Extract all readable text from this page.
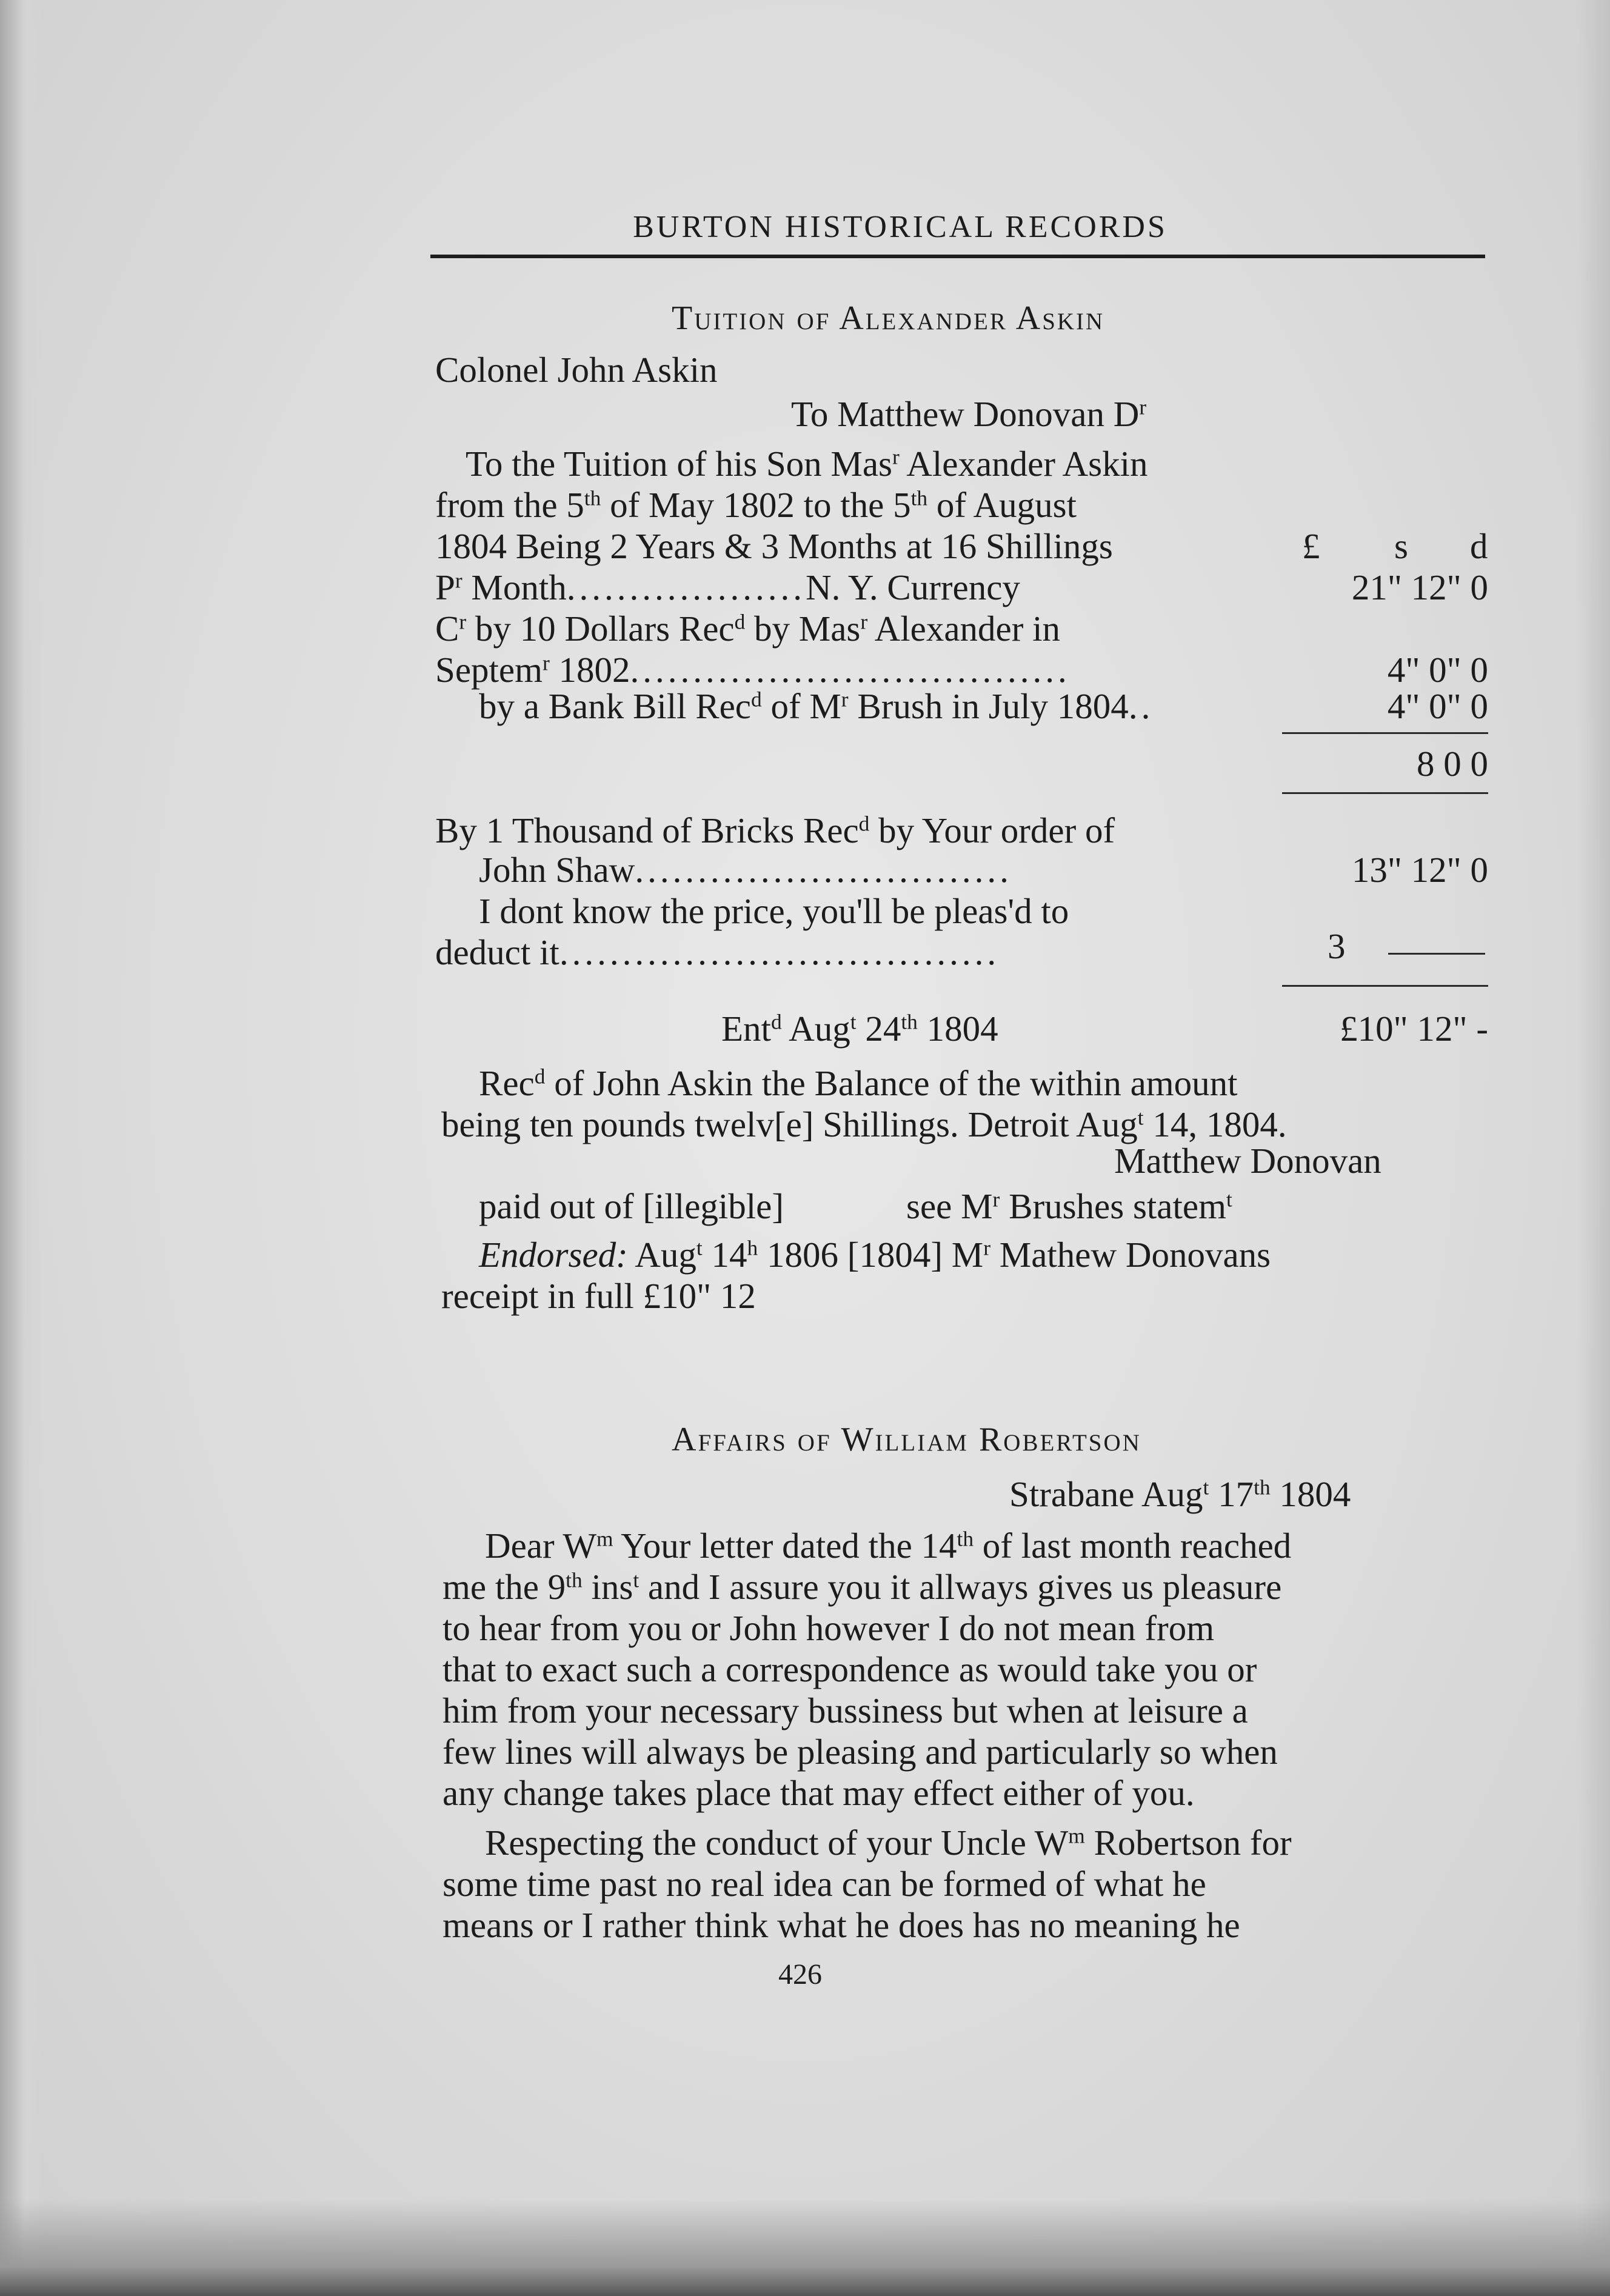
BURTON HISTORICAL RECORDS
Tuition of Alexander Askin
Colonel John Askin
To Matthew Donovan $D^r$
To the Tuition of his Son Mas$^r$ Alexander Askin
from the 5th of May 1802 to the 5th of August
1804 Being 2 Years & 3 Months at 16 Shillings	£ s d
$P^r$ Month...................N. Y. Currency	21" 12" 0
$C^r$ by 10 Dollars Rec$^d$ by Mas$^r$ Alexander in
Septem$^r$ 1802...................................	4" 0" 0
by a Bank Bill Rec$^d$ of $M^r$ Brush in July 1804..	4" 0" 0
8 0 0
By 1 Thousand of Bricks Rec$^d$ by Your order of
John Shaw..............................	13" 12" 0
I dont know the price, you'll be pleas'd to
deduct it...................................	3
Ent$^d$ Aug$^t$ 24th 1804	£10" 12" -
Rec$^d$ of John Askin the Balance of the within amount
being ten pounds twelv[e] Shillings. Detroit Aug$^t$ 14, 1804.
Matthew Donovan
paid out of [illegible]	see $M^r$ Brushes statem$^t$
Endorsed: Aug$^t$ 14$^h$ 1806 [1804] $M^r$ Mathew Donovans
receipt in full £10" 12
Affairs of William Robertson
Strabane Aug$^t$ 17th 1804
Dear $W^m$ Your letter dated the 14th of last month reached
me the 9th ins$^t$ and I assure you it allways gives us pleasure
to hear from you or John however I do not mean from
that to exact such a correspondence as would take you or
him from your necessary bussiness but when at leisure a
few lines will always be pleasing and particularly so when
any change takes place that may effect either of you.
Respecting the conduct of your Uncle $W^m$ Robertson for
some time past no real idea can be formed of what he
means or I rather think what he does has no meaning he
426
